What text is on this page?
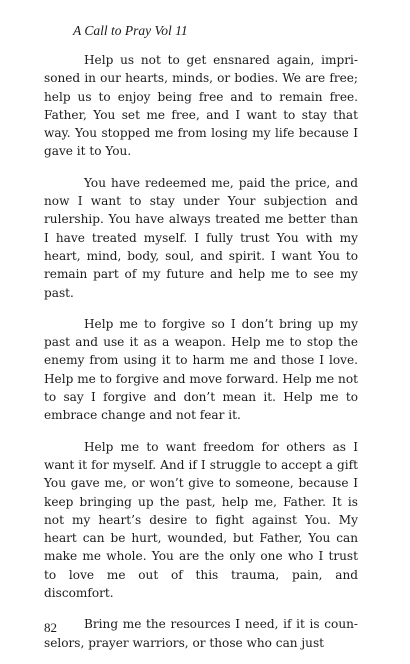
A Call to Pray Vol 11

Help us not to get ensnared again, imprisoned in our hearts, minds, or bodies. We are free; help us to enjoy being free and to remain free. Father, You set me free, and I want to stay that way. You stopped me from losing my life because I gave it to You.

You have redeemed me, paid the price, and now I want to stay under Your subjection and rulership. You have always treated me better than I have treated myself. I fully trust You with my heart, mind, body, soul, and spirit. I want You to remain part of my future and help me to see my past.

Help me to forgive so I don’t bring up my past and use it as a weapon. Help me to stop the enemy from using it to harm me and those I love. Help me to forgive and move forward. Help me not to say I forgive and don’t mean it. Help me to embrace change and not fear it.

Help me to want freedom for others as I want it for myself. And if I struggle to accept a gift You gave me, or won’t give to someone, because I keep bringing up the past, help me, Father. It is not my heart’s desire to fight against You. My heart can be hurt, wounded, but Father, You can make me whole. You are the only one who I trust to love me out of this trauma, pain, and discomfort.

Bring me the resources I need, if it is counselors, prayer warriors, or those who can just

82
